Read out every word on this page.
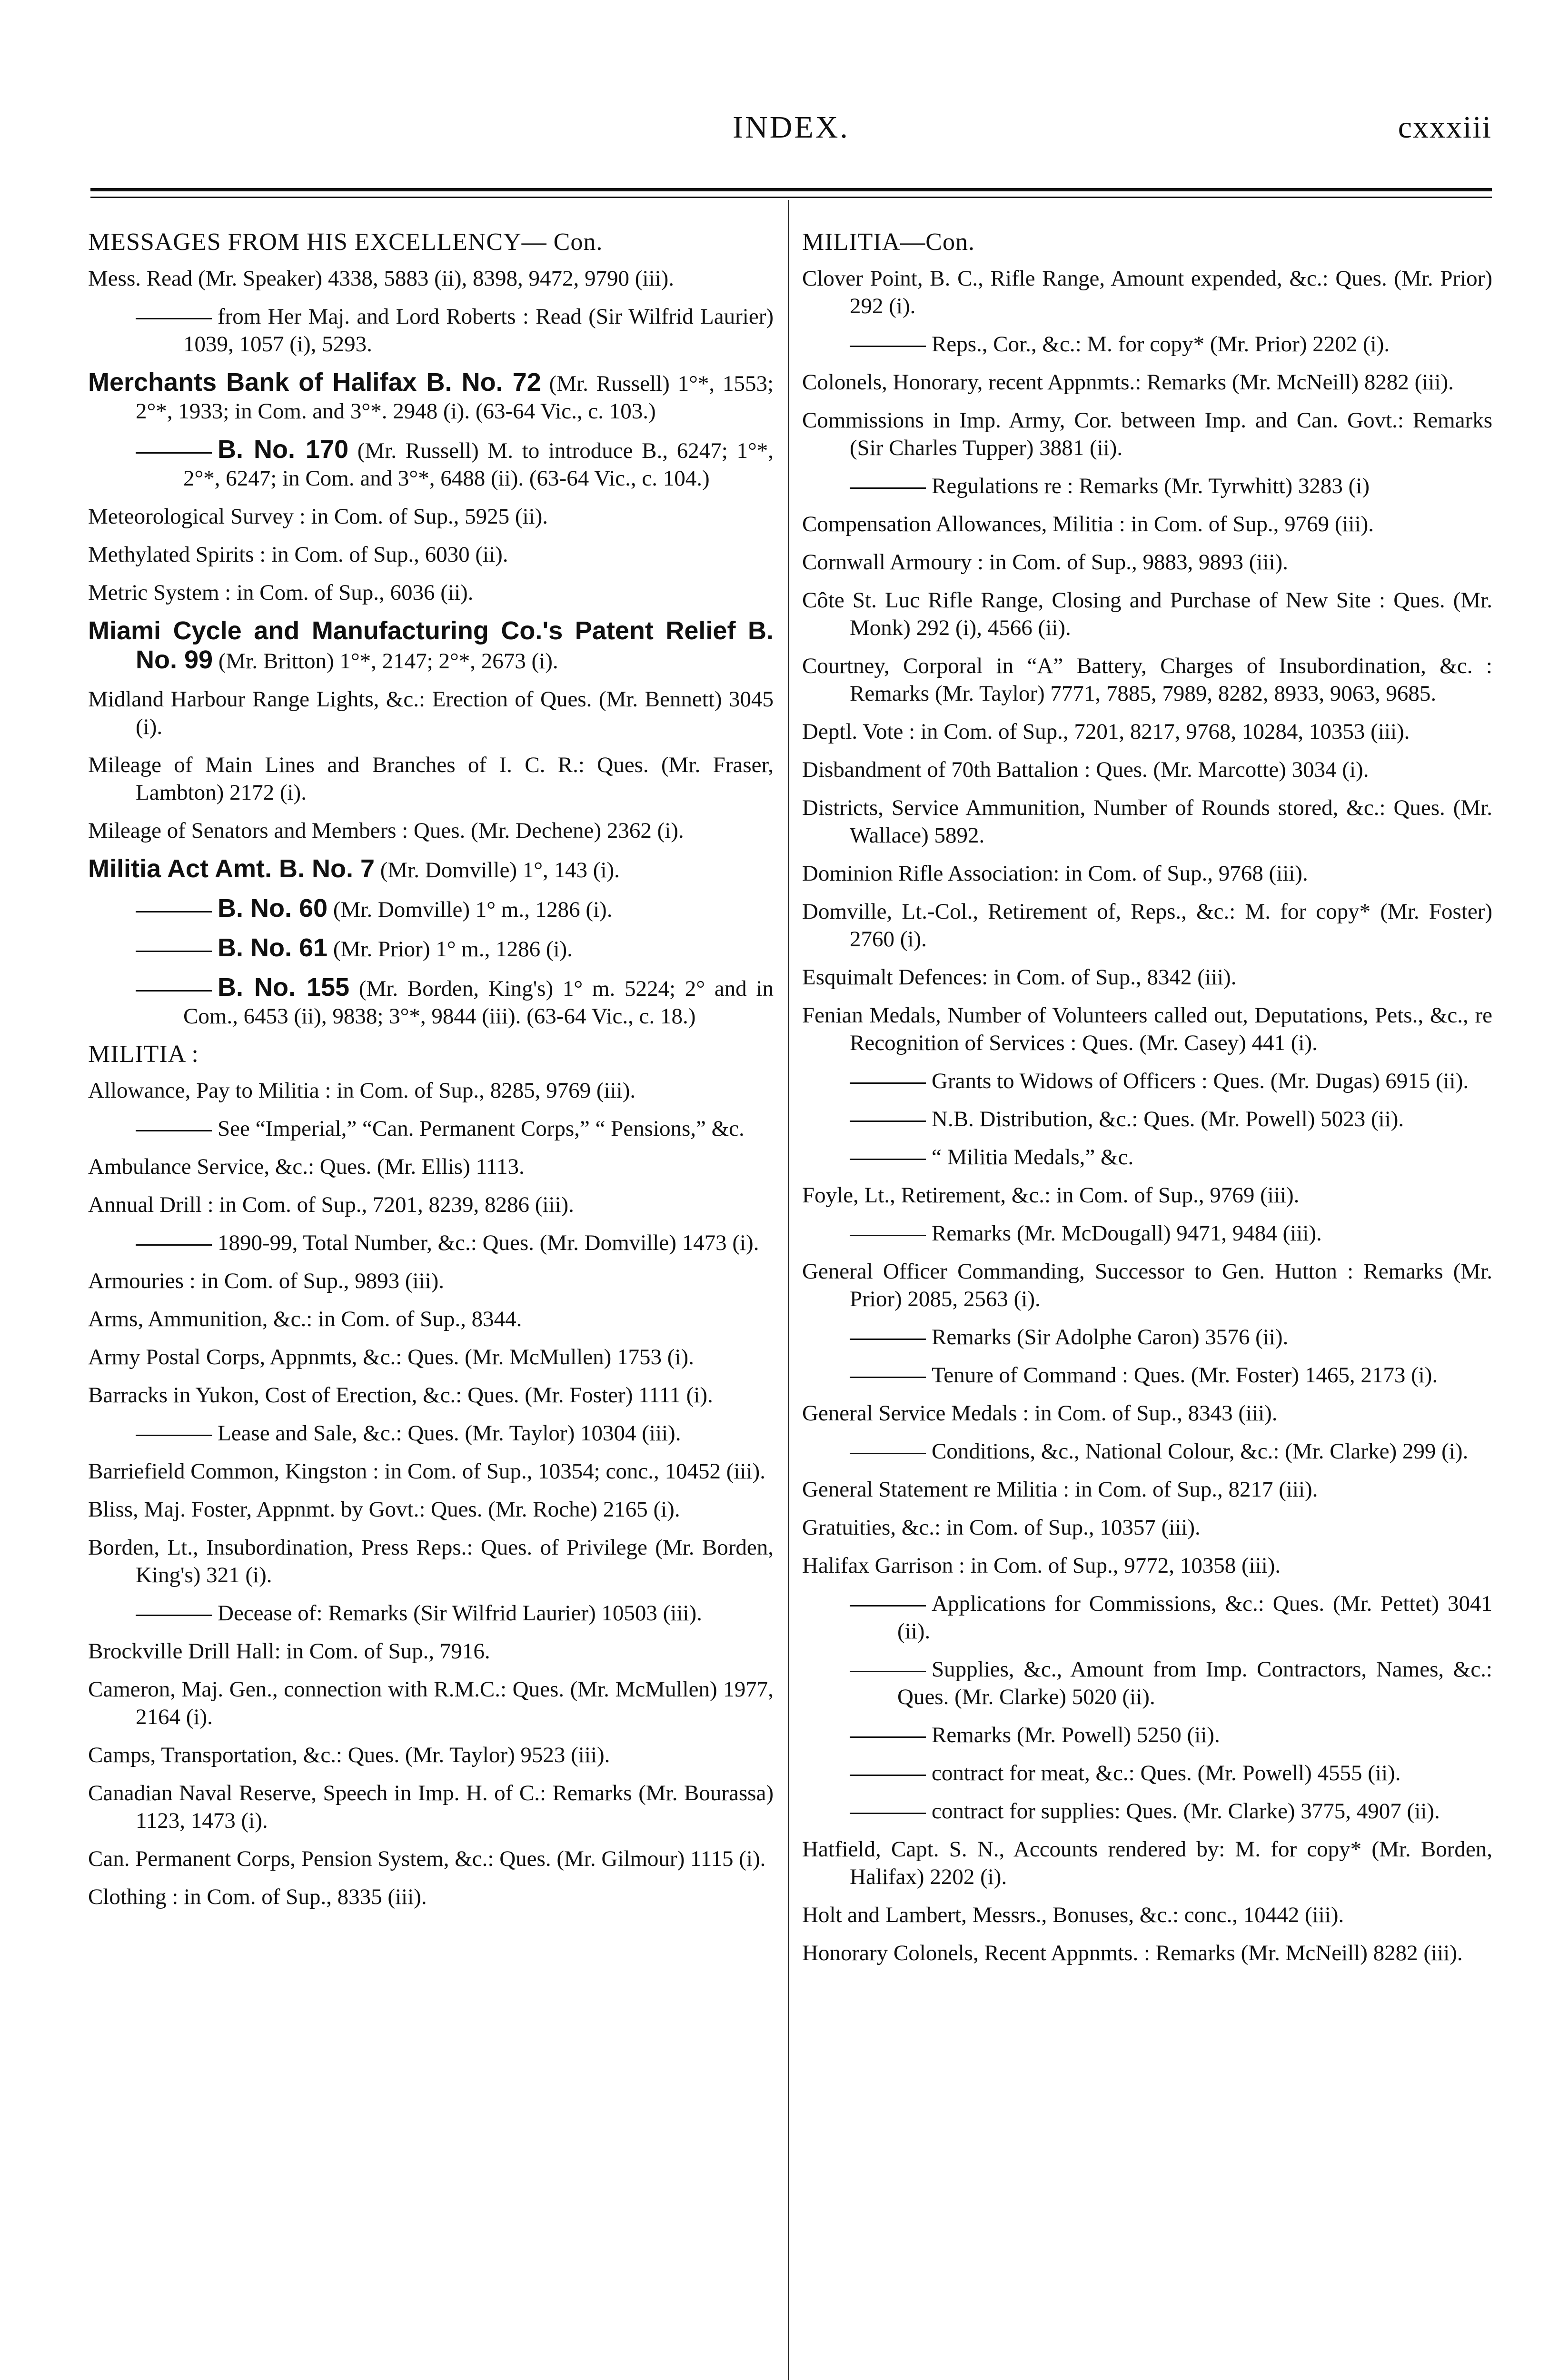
INDEX.	cxxxiii
MESSAGES FROM HIS EXCELLENCY— Con.
Mess. Read (Mr. Speaker) 4338, 5883 (ii), 8398, 9472, 9790 (iii).
from Her Maj. and Lord Roberts : Read (Sir Wilfrid Laurier) 1039, 1057 (i), 5293.
Merchants Bank of Halifax B. No. 72 (Mr. Russell) 1°*, 1553; 2°*, 1933; in Com. and 3°*. 2948 (i). (63-64 Vic., c. 103.)
B. No. 170 (Mr. Russell) M. to introduce B., 6247; 1°*, 2°*, 6247; in Com. and 3°*, 6488 (ii). (63-64 Vic., c. 104.)
Meteorological Survey : in Com. of Sup., 5925 (ii).
Methylated Spirits : in Com. of Sup., 6030 (ii).
Metric System : in Com. of Sup., 6036 (ii).
Miami Cycle and Manufacturing Co.'s Patent Relief B. No. 99 (Mr. Britton) 1°*, 2147; 2°*, 2673 (i).
Midland Harbour Range Lights, &c.: Erection of Ques. (Mr. Bennett) 3045 (i).
Mileage of Main Lines and Branches of I. C. R.: Ques. (Mr. Fraser, Lambton) 2172 (i).
Mileage of Senators and Members : Ques. (Mr. Dechene) 2362 (i).
Militia Act Amt. B. No. 7 (Mr. Domville) 1°, 143 (i).
B. No. 60 (Mr. Domville) 1° m., 1286 (i).
B. No. 61 (Mr. Prior) 1° m., 1286 (i).
B. No. 155 (Mr. Borden, King's) 1° m. 5224; 2° and in Com., 6453 (ii), 9838; 3°*, 9844 (iii). (63-64 Vic., c. 18.)
MILITIA :
Allowance, Pay to Militia : in Com. of Sup., 8285, 9769 (iii).
See “Imperial,” “Can. Permanent Corps,” “ Pensions,” &c.
Ambulance Service, &c.: Ques. (Mr. Ellis) 1113.
Annual Drill : in Com. of Sup., 7201, 8239, 8286 (iii).
1890-99, Total Number, &c.: Ques. (Mr. Domville) 1473 (i).
Armouries : in Com. of Sup., 9893 (iii).
Arms, Ammunition, &c.: in Com. of Sup., 8344.
Army Postal Corps, Appnmts, &c.: Ques. (Mr. McMullen) 1753 (i).
Barracks in Yukon, Cost of Erection, &c.: Ques. (Mr. Foster) 1111 (i).
Lease and Sale, &c.: Ques. (Mr. Taylor) 10304 (iii).
Barriefield Common, Kingston : in Com. of Sup., 10354; conc., 10452 (iii).
Bliss, Maj. Foster, Appnmt. by Govt.: Ques. (Mr. Roche) 2165 (i).
Borden, Lt., Insubordination, Press Reps.: Ques. of Privilege (Mr. Borden, King's) 321 (i).
Decease of: Remarks (Sir Wilfrid Laurier) 10503 (iii).
Brockville Drill Hall: in Com. of Sup., 7916.
Cameron, Maj. Gen., connection with R.M.C.: Ques. (Mr. McMullen) 1977, 2164 (i).
Camps, Transportation, &c.: Ques. (Mr. Taylor) 9523 (iii).
Canadian Naval Reserve, Speech in Imp. H. of C.: Remarks (Mr. Bourassa) 1123, 1473 (i).
Can. Permanent Corps, Pension System, &c.: Ques. (Mr. Gilmour) 1115 (i).
Clothing : in Com. of Sup., 8335 (iii).
MILITIA—Con.
Clover Point, B. C., Rifle Range, Amount expended, &c.: Ques. (Mr. Prior) 292 (i).
Reps., Cor., &c.: M. for copy* (Mr. Prior) 2202 (i).
Colonels, Honorary, recent Appnmts.: Remarks (Mr. McNeill) 8282 (iii).
Commissions in Imp. Army, Cor. between Imp. and Can. Govt.: Remarks (Sir Charles Tupper) 3881 (ii).
Regulations re : Remarks (Mr. Tyrwhitt) 3283 (i)
Compensation Allowances, Militia : in Com. of Sup., 9769 (iii).
Cornwall Armoury : in Com. of Sup., 9883, 9893 (iii).
Côte St. Luc Rifle Range, Closing and Purchase of New Site : Ques. (Mr. Monk) 292 (i), 4566 (ii).
Courtney, Corporal in “A” Battery, Charges of Insubordination, &c. : Remarks (Mr. Taylor) 7771, 7885, 7989, 8282, 8933, 9063, 9685.
Deptl. Vote : in Com. of Sup., 7201, 8217, 9768, 10284, 10353 (iii).
Disbandment of 70th Battalion : Ques. (Mr. Marcotte) 3034 (i).
Districts, Service Ammunition, Number of Rounds stored, &c.: Ques. (Mr. Wallace) 5892.
Dominion Rifle Association: in Com. of Sup., 9768 (iii).
Domville, Lt.-Col., Retirement of, Reps., &c.: M. for copy* (Mr. Foster) 2760 (i).
Esquimalt Defences: in Com. of Sup., 8342 (iii).
Fenian Medals, Number of Volunteers called out, Deputations, Pets., &c., re Recognition of Services : Ques. (Mr. Casey) 441 (i).
Grants to Widows of Officers : Ques. (Mr. Dugas) 6915 (ii).
N.B. Distribution, &c.: Ques. (Mr. Powell) 5023 (ii).
“ Militia Medals,” &c.
Foyle, Lt., Retirement, &c.: in Com. of Sup., 9769 (iii).
Remarks (Mr. McDougall) 9471, 9484 (iii).
General Officer Commanding, Successor to Gen. Hutton : Remarks (Mr. Prior) 2085, 2563 (i).
Remarks (Sir Adolphe Caron) 3576 (ii).
Tenure of Command : Ques. (Mr. Foster) 1465, 2173 (i).
General Service Medals : in Com. of Sup., 8343 (iii).
Conditions, &c., National Colour, &c.: (Mr. Clarke) 299 (i).
General Statement re Militia : in Com. of Sup., 8217 (iii).
Gratuities, &c.: in Com. of Sup., 10357 (iii).
Halifax Garrison : in Com. of Sup., 9772, 10358 (iii).
Applications for Commissions, &c.: Ques. (Mr. Pettet) 3041 (ii).
Supplies, &c., Amount from Imp. Contractors, Names, &c.: Ques. (Mr. Clarke) 5020 (ii).
Remarks (Mr. Powell) 5250 (ii).
contract for meat, &c.: Ques. (Mr. Powell) 4555 (ii).
contract for supplies: Ques. (Mr. Clarke) 3775, 4907 (ii).
Hatfield, Capt. S. N., Accounts rendered by: M. for copy* (Mr. Borden, Halifax) 2202 (i).
Holt and Lambert, Messrs., Bonuses, &c.: conc., 10442 (iii).
Honorary Colonels, Recent Appnmts. : Remarks (Mr. McNeill) 8282 (iii).
